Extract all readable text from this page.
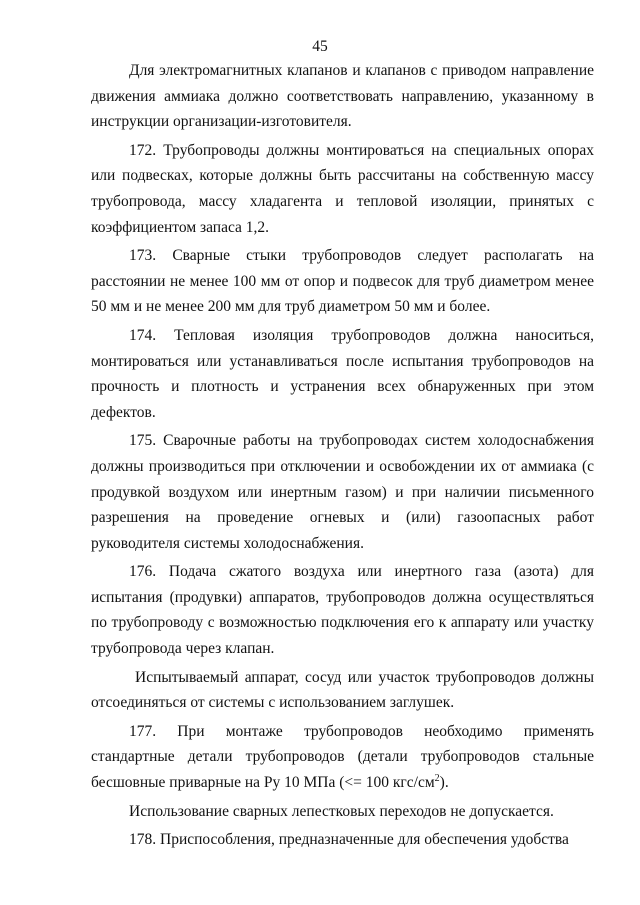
45

Для электромагнитных клапанов и клапанов с приводом направление движения аммиака должно соответствовать направлению, указанному в инструкции организации-изготовителя.

172. Трубопроводы должны монтироваться на специальных опорах или подвесках, которые должны быть рассчитаны на собственную массу трубопровода, массу хладагента и тепловой изоляции, принятых с коэффициентом запаса 1,2.

173. Сварные стыки трубопроводов следует располагать на расстоянии не менее 100 мм от опор и подвесок для труб диаметром менее 50 мм и не менее 200 мм для труб диаметром 50 мм и более.

174. Тепловая изоляция трубопроводов должна наноситься, монтироваться или устанавливаться после испытания трубопроводов на прочность и плотность и устранения всех обнаруженных при этом дефектов.

175. Сварочные работы на трубопроводах систем холодоснабжения должны производиться при отключении и освобождении их от аммиака (с продувкой воздухом или инертным газом) и при наличии письменного разрешения на проведение огневых и (или) газоопасных работ руководителя системы холодоснабжения.

176. Подача сжатого воздуха или инертного газа (азота) для испытания (продувки) аппаратов, трубопроводов должна осуществляться по трубопроводу с возможностью подключения его к аппарату или участку трубопровода через клапан.

Испытываемый аппарат, сосуд или участок трубопроводов должны отсоединяться от системы с использованием заглушек.

177. При монтаже трубопроводов необходимо применять стандартные детали трубопроводов (детали трубопроводов стальные бесшовные приварные на Ру 10 МПа (<= 100 кгс/$см^2$).

Использование сварных лепестковых переходов не допускается.

178. Приспособления, предназначенные для обеспечения удобства
